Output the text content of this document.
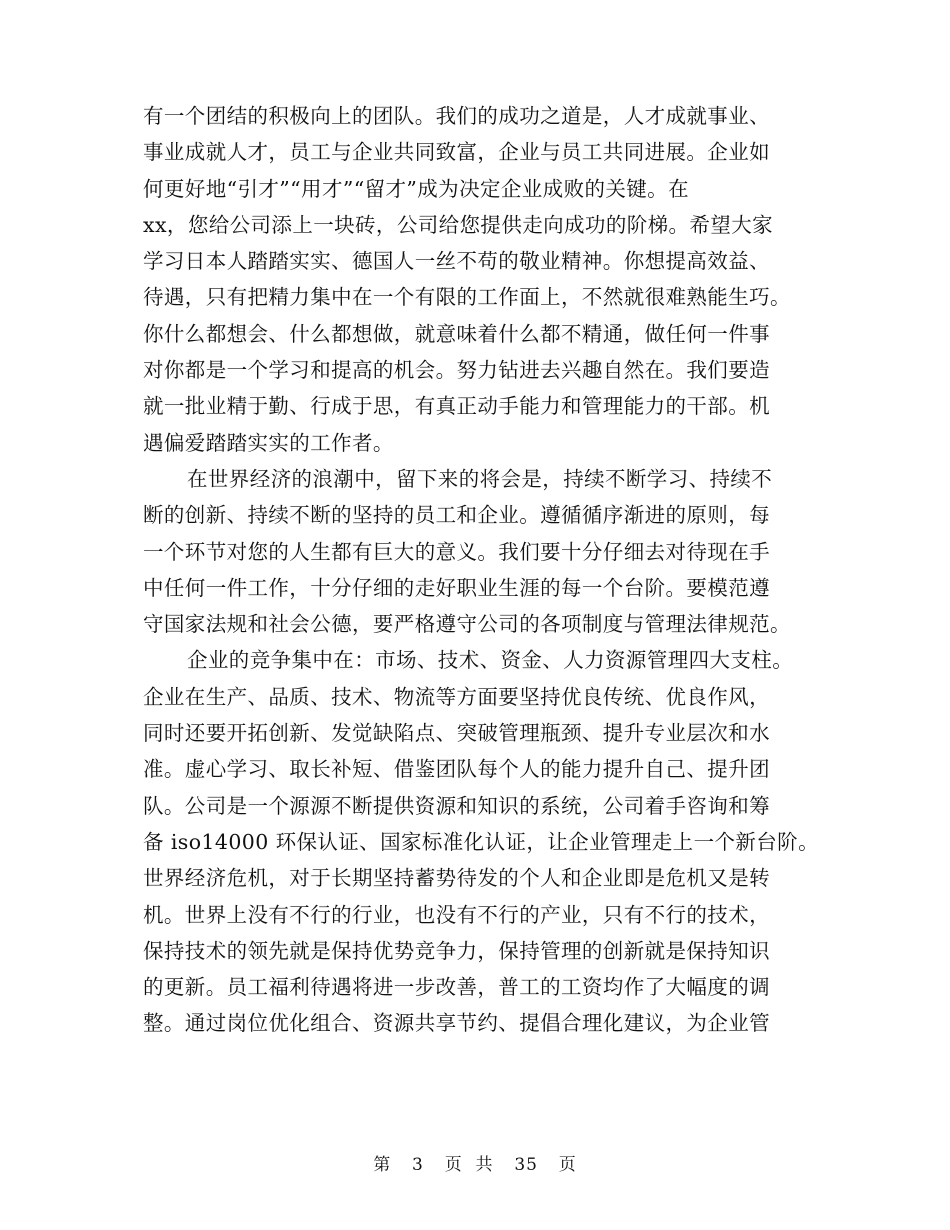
有一个团结的积极向上的团队。我们的成功之道是，人才成就事业、
事业成就人才，员工与企业共同致富，企业与员工共同进展。企业如
何更好地“引才”“用才”“留才”成为决定企业成败的关键。在
xx，您给公司添上一块砖，公司给您提供走向成功的阶梯。希望大家
学习日本人踏踏实实、德国人一丝不苟的敬业精神。你想提高效益、
待遇，只有把精力集中在一个有限的工作面上，不然就很难熟能生巧。
你什么都想会、什么都想做，就意味着什么都不精通，做任何一件事
对你都是一个学习和提高的机会。努力钻进去兴趣自然在。我们要造
就一批业精于勤、行成于思，有真正动手能力和管理能力的干部。机
遇偏爱踏踏实实的工作者。
在世界经济的浪潮中，留下来的将会是，持续不断学习、持续不
断的创新、持续不断的坚持的员工和企业。遵循循序渐进的原则，每
一个环节对您的人生都有巨大的意义。我们要十分仔细去对待现在手
中任何一件工作，十分仔细的走好职业生涯的每一个台阶。要模范遵
守国家法规和社会公德，要严格遵守公司的各项制度与管理法律规范。
企业的竞争集中在：市场、技术、资金、人力资源管理四大支柱。
企业在生产、品质、技术、物流等方面要坚持优良传统、优良作风，
同时还要开拓创新、发觉缺陷点、突破管理瓶颈、提升专业层次和水
准。虚心学习、取长补短、借鉴团队每个人的能力提升自己、提升团
队。公司是一个源源不断提供资源和知识的系统，公司着手咨询和筹
备 iso14000 环保认证、国家标准化认证，让企业管理走上一个新台阶。
世界经济危机，对于长期坚持蓄势待发的个人和企业即是危机又是转
机。世界上没有不行的行业，也没有不行的产业，只有不行的技术，
保持技术的领先就是保持优势竞争力，保持管理的创新就是保持知识
的更新。员工福利待遇将进一步改善，普工的工资均作了大幅度的调
整。通过岗位优化组合、资源共享节约、提倡合理化建议，为企业管
第 3 页  共 35 页
